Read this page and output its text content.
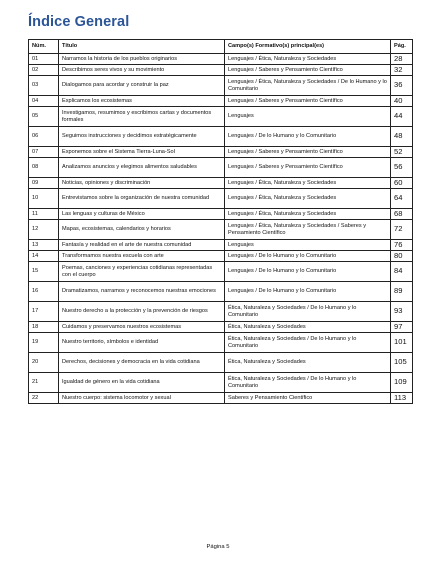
Índice General
Núm.	Título	Campo(s) Formativo(s) principal(es)	Pág.
01	Narramos la historia de los pueblos originarios	Lenguajes / Ética, Naturaleza y Sociedades	28
02	Describimos seres vivos y su movimiento	Lenguajes / Saberes y Pensamiento Científico	32
03	Dialogamos para acordar y construir la paz	Lenguajes / Ética, Naturaleza y Sociedades / De lo Humano y lo Comunitario	36
04	Explicamos los ecosistemas	Lenguajes / Saberes y Pensamiento Científico	40
05	Investigamos, resumimos y escribimos cartas y documentos formales	Lenguajes	44
06	Seguimos instrucciones y decidimos estratégicamente	Lenguajes / De lo Humano y lo Comunitario	48
07	Exponemos sobre el Sistema Tierra-Luna-Sol	Lenguajes / Saberes y Pensamiento Científico	52
08	Analizamos anuncios y elegimos alimentos saludables	Lenguajes / Saberes y Pensamiento Científico	56
09	Noticias, opiniones y discriminación	Lenguajes / Ética, Naturaleza y Sociedades	60
10	Entrevistamos sobre la organización de nuestra comunidad	Lenguajes / Ética, Naturaleza y Sociedades	64
11	Las lenguas y culturas de México	Lenguajes / Ética, Naturaleza y Sociedades	68
12	Mapas, ecosistemas, calendarios y horarios	Lenguajes / Ética, Naturaleza y Sociedades / Saberes y Pensamiento Científico	72
13	Fantasía y realidad en el arte de nuestra comunidad	Lenguajes	76
14	Transformamos nuestra escuela con arte	Lenguajes / De lo Humano y lo Comunitario	80
15	Poemas, canciones y experiencias cotidianas representadas con el cuerpo	Lenguajes / De lo Humano y lo Comunitario	84
16	Dramatizamos, narramos y reconocemos nuestras emociones	Lenguajes / De lo Humano y lo Comunitario	89
17	Nuestro derecho a la protección y la prevención de riesgos	Ética, Naturaleza y Sociedades / De lo Humano y lo Comunitario	93
18	Cuidamos y preservamos nuestros ecosistemas	Ética, Naturaleza y Sociedades	97
19	Nuestro territorio, símbolos e identidad	Ética, Naturaleza y Sociedades / De lo Humano y lo Comunitario	101
20	Derechos, decisiones y democracia en la vida cotidiana	Ética, Naturaleza y Sociedades	105
21	Igualdad de género en la vida cotidiana	Ética, Naturaleza y Sociedades / De lo Humano y lo Comunitario	109
22	Nuestro cuerpo: sistema locomotor y sexual	Saberes y Pensamiento Científico	113
Página 5
